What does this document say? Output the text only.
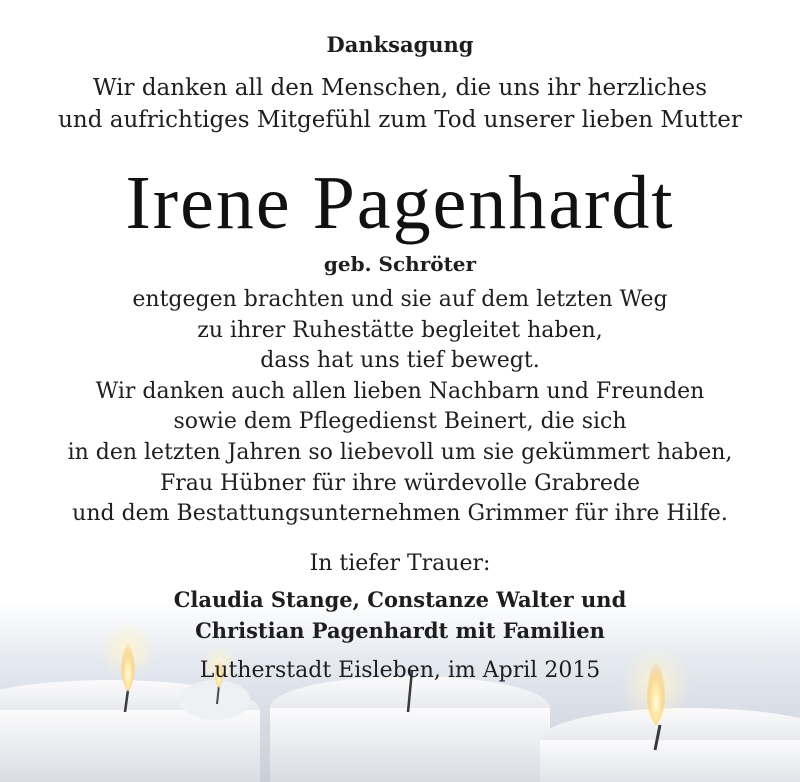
Danksagung
Wir danken all den Menschen, die uns ihr herzliches
und aufrichtiges Mitgefühl zum Tod unserer lieben Mutter
Irene Pagenhardt
geb. Schröter
entgegen brachten und sie auf dem letzten Weg
zu ihrer Ruhestätte begleitet haben,
dass hat uns tief bewegt.
Wir danken auch allen lieben Nachbarn und Freunden
sowie dem Pflegedienst Beinert, die sich
in den letzten Jahren so liebevoll um sie gekümmert haben,
Frau Hübner für ihre würdevolle Grabrede
und dem Bestattungsunternehmen Grimmer für ihre Hilfe.
In tiefer Trauer:
Claudia Stange, Constanze Walter und
Christian Pagenhardt mit Familien
Lutherstadt Eisleben, im April 2015
